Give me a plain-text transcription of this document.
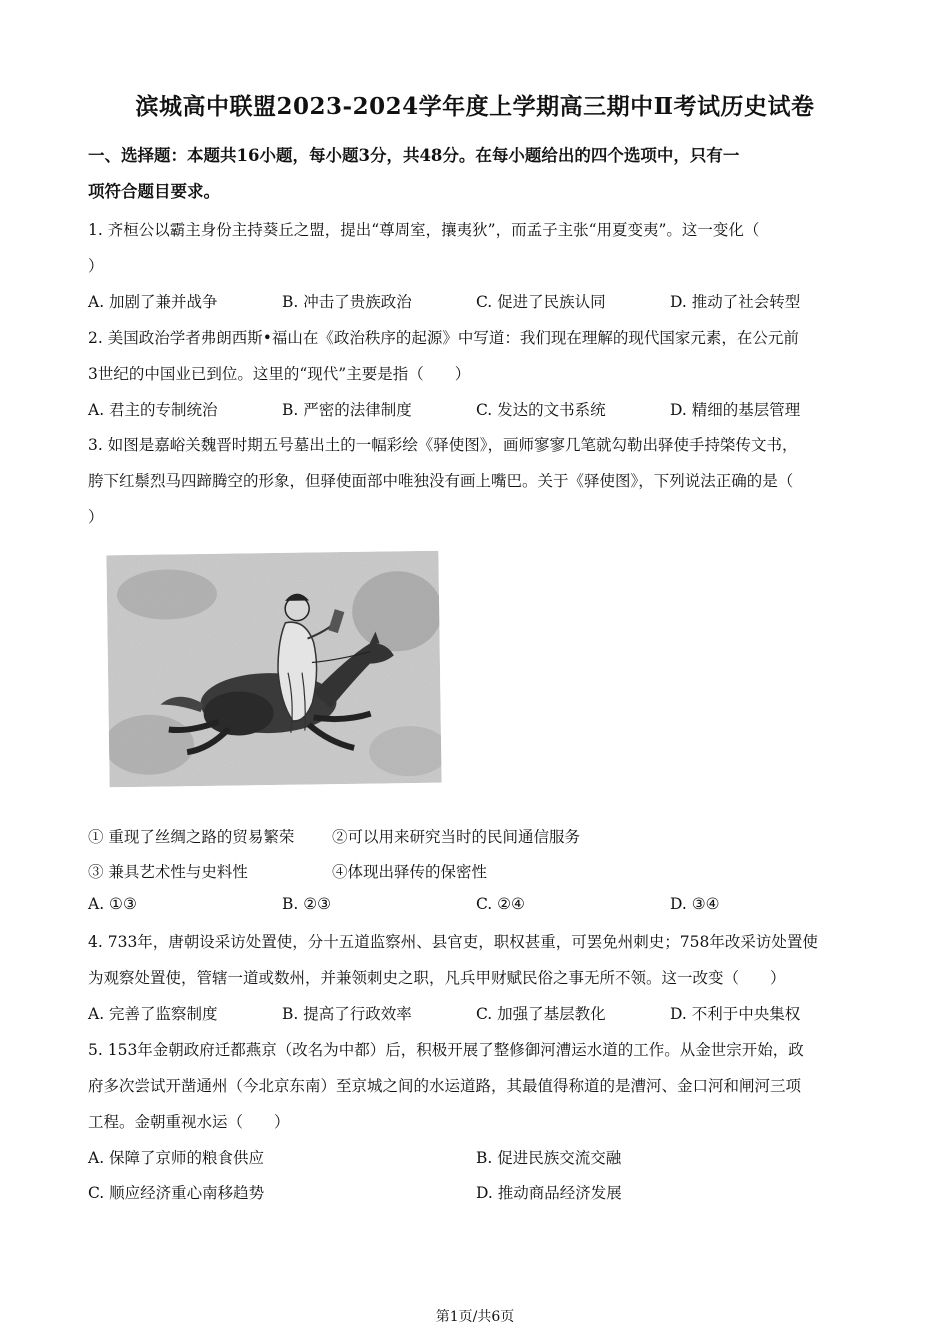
滨城高中联盟2023-2024学年度上学期高三期中Ⅱ考试历史试卷
一、选择题：本题共16小题，每小题3分，共48分。在每小题给出的四个选项中，只有一
项符合题目要求。
1. 齐桓公以霸主身份主持葵丘之盟，提出“尊周室，攘夷狄”，而孟子主张“用夏变夷”。这一变化（
）
A. 加剧了兼并战争	B. 冲击了贵族政治	C. 促进了民族认同	D. 推动了社会转型
2. 美国政治学者弗朗西斯•福山在《政治秩序的起源》中写道：我们现在理解的现代国家元素，在公元前
3世纪的中国业已到位。这里的“现代”主要是指（　　）
A. 君主的专制统治	B. 严密的法律制度	C. 发达的文书系统	D. 精细的基层管理
3. 如图是嘉峪关魏晋时期五号墓出土的一幅彩绘《驿使图》，画师寥寥几笔就勾勒出驿使手持棨传文书，
胯下红鬃烈马四蹄腾空的形象，但驿使面部中唯独没有画上嘴巴。关于《驿使图》，下列说法正确的是（
）
① 重现了丝绸之路的贸易繁荣 ②可以用来研究当时的民间通信服务
③ 兼具艺术性与史料性	④体现出驿传的保密性
A. ①③	B. ②③	C. ②④	D. ③④
4. 733年，唐朝设采访处置使，分十五道监察州、县官吏，职权甚重，可罢免州刺史；758年改采访处置使
为观察处置使，管辖一道或数州，并兼领刺史之职，凡兵甲财赋民俗之事无所不领。这一改变（　　）
A. 完善了监察制度	B. 提高了行政效率	C. 加强了基层教化	D. 不利于中央集权
5. 153年金朝政府迁都燕京（改名为中都）后，积极开展了整修御河漕运水道的工作。从金世宗开始，政
府多次尝试开凿通州（今北京东南）至京城之间的水运道路，其最值得称道的是漕河、金口河和闸河三项
工程。金朝重视水运（　　）
A. 保障了京师的粮食供应	B. 促进民族交流交融
C. 顺应经济重心南移趋势	D. 推动商品经济发展
第1页/共6页
